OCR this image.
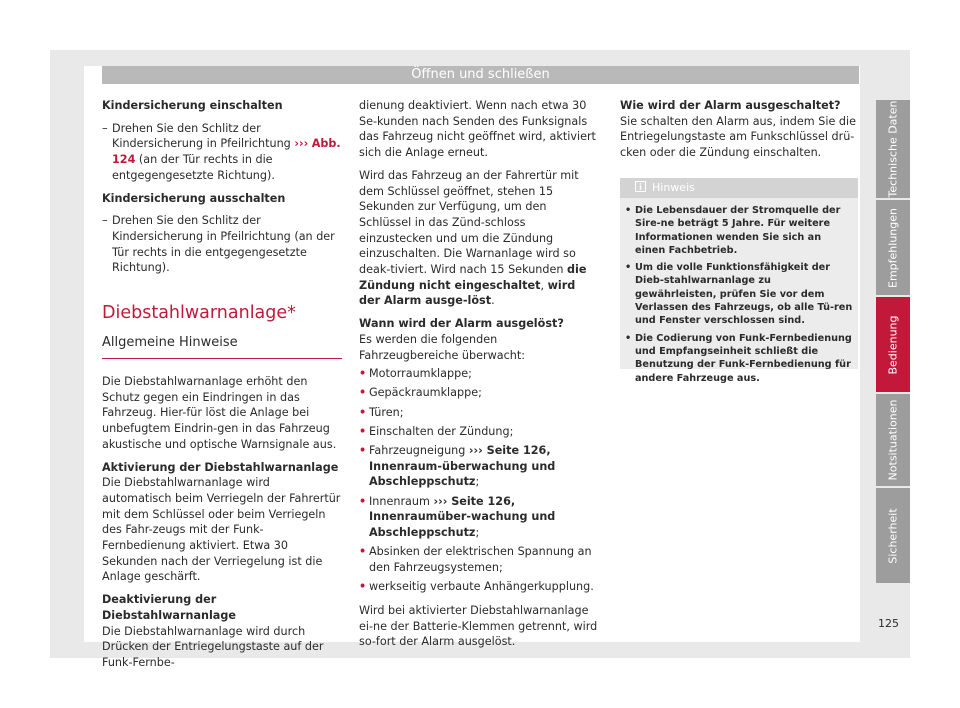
Öffnen und schließen

Kindersicherung einschalten

– Drehen Sie den Schlitz der Kindersicherung in Pfeilrichtung ››› Abb. 124 (an der Tür rechts in die entgegengesetzte Richtung).

Kindersicherung ausschalten

– Drehen Sie den Schlitz der Kindersicherung in Pfeilrichtung (an der Tür rechts in die entgegengesetzte Richtung).

Diebstahlwarnanlage*

Allgemeine Hinweise

Die Diebstahlwarnanlage erhöht den Schutz gegen ein Eindringen in das Fahrzeug. Hier-für löst die Anlage bei unbefugtem Eindrin-gen in das Fahrzeug akustische und optische Warnsignale aus.

Aktivierung der Diebstahlwarnanlage

Die Diebstahlwarnanlage wird automatisch beim Verriegeln der Fahrertür mit dem Schlüssel oder beim Verriegeln des Fahr-zeugs mit der Funk-Fernbedienung aktiviert. Etwa 30 Sekunden nach der Verriegelung ist die Anlage geschärft.

Deaktivierung der Diebstahlwarnanlage

Die Diebstahlwarnanlage wird durch Drücken der Entriegelungstaste auf der Funk-Fernbe-

dienung deaktiviert. Wenn nach etwa 30 Se-kunden nach Senden des Funksignals das Fahrzeug nicht geöffnet wird, aktiviert sich die Anlage erneut.

Wird das Fahrzeug an der Fahrertür mit dem Schlüssel geöffnet, stehen 15 Sekunden zur Verfügung, um den Schlüssel in das Zünd-schloss einzustecken und um die Zündung einzuschalten. Die Warnanlage wird so deak-tiviert. Wird nach 15 Sekunden die Zündung nicht eingeschaltet, wird der Alarm ausge-löst.

Wann wird der Alarm ausgelöst?

Es werden die folgenden Fahrzeugbereiche überwacht:

• Motorraumklappe;
• Gepäckraumklappe;
• Türen;
• Einschalten der Zündung;
• Fahrzeugneigung ››› Seite 126, Innenraum-überwachung und Abschleppschutz;
• Innenraum ››› Seite 126, Innenraumüber-wachung und Abschleppschutz;
• Absinken der elektrischen Spannung an den Fahrzeugsystemen;
• werkseitig verbaute Anhängerkupplung.

Wird bei aktivierter Diebstahlwarnanlage ei-ne der Batterie-Klemmen getrennt, wird so-fort der Alarm ausgelöst.

Wie wird der Alarm ausgeschaltet?

Sie schalten den Alarm aus, indem Sie die Entriegelungstaste am Funkschlüssel drü-cken oder die Zündung einschalten.

Hinweis
• Die Lebensdauer der Stromquelle der Sire-ne beträgt 5 Jahre. Für weitere Informationen wenden Sie sich an einen Fachbetrieb.
• Um die volle Funktionsfähigkeit der Dieb-stahlwarnanlage zu gewährleisten, prüfen Sie vor dem Verlassen des Fahrzeugs, ob alle Tü-ren und Fenster verschlossen sind.
• Die Codierung von Funk-Fernbedienung und Empfangseinheit schließt die Benutzung der Funk-Fernbedienung für andere Fahrzeuge aus.
Technische Daten
Empfehlungen
Bedienung
Notsituationen
Sicherheit
125
